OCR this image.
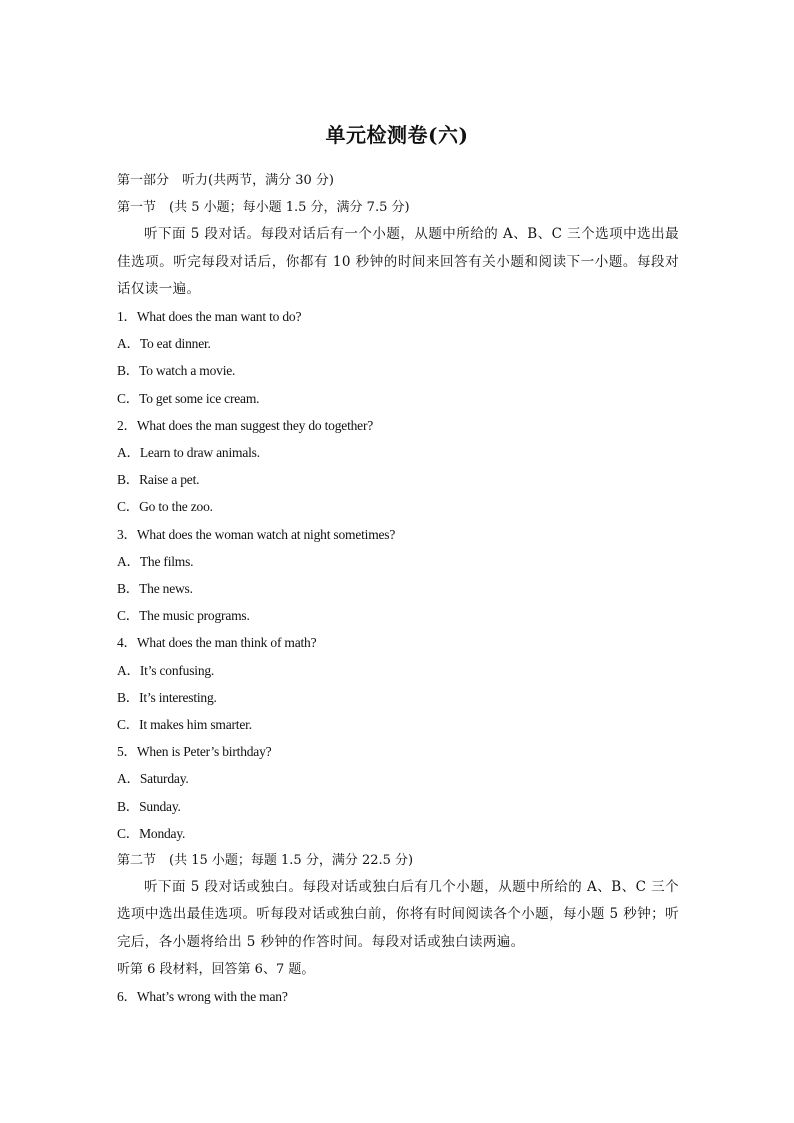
单元检测卷(六)
第一部分　听力(共两节，满分 30 分)
第一节　(共 5 小题；每小题 1.5 分，满分 7.5 分)
听下面 5 段对话。每段对话后有一个小题，从题中所给的 A、B、C 三个选项中选出最佳选项。听完每段对话后，你都有 10 秒钟的时间来回答有关小题和阅读下一小题。每段对话仅读一遍。
1．What does the man want to do?
A．To eat dinner.
B．To watch a movie.
C．To get some ice cream.
2．What does the man suggest they do together?
A．Learn to draw animals.
B．Raise a pet.
C．Go to the zoo.
3．What does the woman watch at night sometimes?
A．The films.
B．The news.
C．The music programs.
4．What does the man think of math?
A．It’s confusing.
B．It’s interesting.
C．It makes him smarter.
5．When is Peter’s birthday?
A．Saturday.
B．Sunday.
C．Monday.
第二节　(共 15 小题；每题 1.5 分，满分 22.5 分)
听下面 5 段对话或独白。每段对话或独白后有几个小题，从题中所给的 A、B、C 三个选项中选出最佳选项。听每段对话或独白前，你将有时间阅读各个小题，每小题 5 秒钟；听完后，各小题将给出 5 秒钟的作答时间。每段对话或独白读两遍。
听第 6 段材料，回答第 6、7 题。
6．What’s wrong with the man?
